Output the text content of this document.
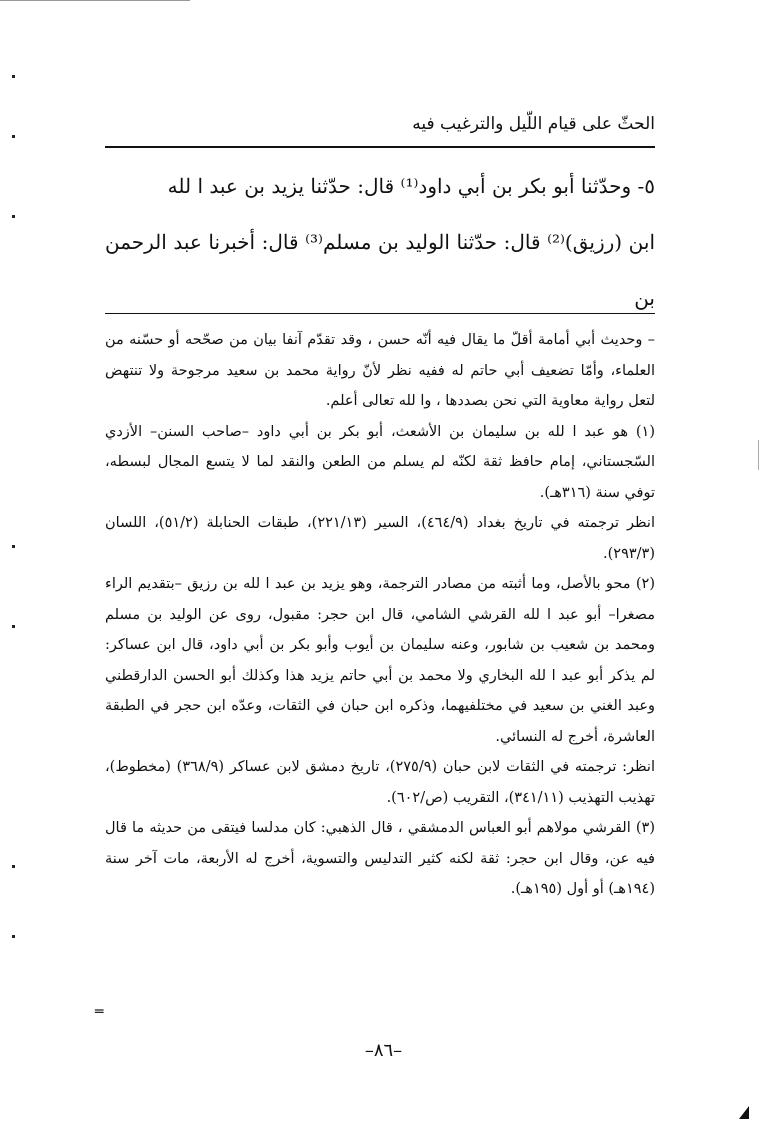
الحثّ على قيام اللّيل والترغيب فيه

٥- وحدّثنا أبو بكر بن أبي داود⁽¹⁾ قال: حدّثنا يزيد بن عبد ا لله

ابن (رزيق)⁽²⁾ قال: حدّثنا الوليد بن مسلم⁽³⁾ قال: أخبرنا عبد الرحمن بن

– وحديث أبي أمامة أقلّ ما يقال فيه أنّه حسن ، وقد تقدّم آنفا بيان من صحّحه أو حسّنه من العلماء، وأمّا تضعيف أبي حاتم له ففيه نظر لأنّ رواية محمد بن سعيد مرجوحة ولا تنتهض لتعل رواية معاوية التي نحن بصددها ، وا لله تعالى أعلم.

(١) هو عبد ا لله بن سليمان بن الأشعث، أبو بكر بن أبي داود –صاحب السنن– الأزدي السّجستاني، إمام حافظ ثقة لكنّه لم يسلم من الطعن والنقد لما لا يتسع المجال لبسطه، توفي سنة (٣١٦هـ).

انظر ترجمته في تاريخ بغداد (٤٦٤/٩)، السير (٢٢١/١٣)، طبقات الحنابلة (٥١/٢)، اللسان (٢٩٣/٣).

(٢) محو بالأصل، وما أثبته من مصادر الترجمة، وهو يزيد بن عبد ا لله بن رزيق –بتقديم الراء مصغرا– أبو عبد ا لله القرشي الشامي، قال ابن حجر: مقبول، روى عن الوليد بن مسلم ومحمد بن شعيب بن شابور، وعنه سليمان بن أيوب وأبو بكر بن أبي داود، قال ابن عساكر: لم يذكر أبو عبد ا لله البخاري ولا محمد بن أبي حاتم يزيد هذا وكذلك أبو الحسن الدارقطني وعبد الغني بن سعيد في مختلفيهما، وذكره ابن حبان في الثقات، وعدّه ابن حجر في الطبقة العاشرة، أخرج له النسائي.

انظر: ترجمته في الثقات لابن حبان (٢٧٥/٩)، تاريخ دمشق لابن عساكر (٣٦٨/٩) (مخطوط)، تهذيب التهذيب (٣٤١/١١)، التقريب (ص/٦٠٢).

(٣) القرشي مولاهم أبو العباس الدمشقي ، قال الذهبي: كان مدلسا فيتقى من حديثه ما قال فيه عن، وقال ابن حجر: ثقة لكنه كثير التدليس والتسوية، أخرج له الأربعة، مات آخر سنة (١٩٤هـ) أو أول (١٩٥هـ).

═
–٨٦–
